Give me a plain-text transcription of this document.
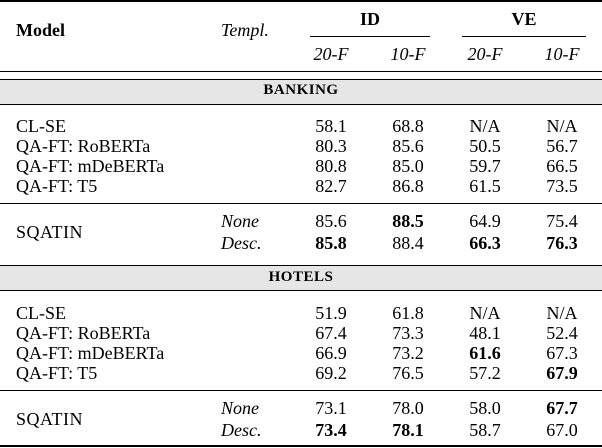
Model	Templ.
ID	VE
20-F	10-F	20-F	10-F
BANKING
CL-SE	58.1	68.8	N/A	N/A
QA-FT: RoBERTa	80.3	85.6	50.5	56.7
QA-FT: mDeBERTa	80.8	85.0	59.7	66.5
QA-FT: T5	82.7	86.8	61.5	73.5
SQATIN
None	85.6	88.5	64.9	75.4
Desc.	85.8	88.4	66.3	76.3
HOTELS
CL-SE	51.9	61.8	N/A	N/A
QA-FT: RoBERTa	67.4	73.3	48.1	52.4
QA-FT: mDeBERTa	66.9	73.2	61.6	67.3
QA-FT: T5	69.2	76.5	57.2	67.9
SQATIN
None	73.1	78.0	58.0	67.7
Desc.	73.4	78.1	58.7	67.0
